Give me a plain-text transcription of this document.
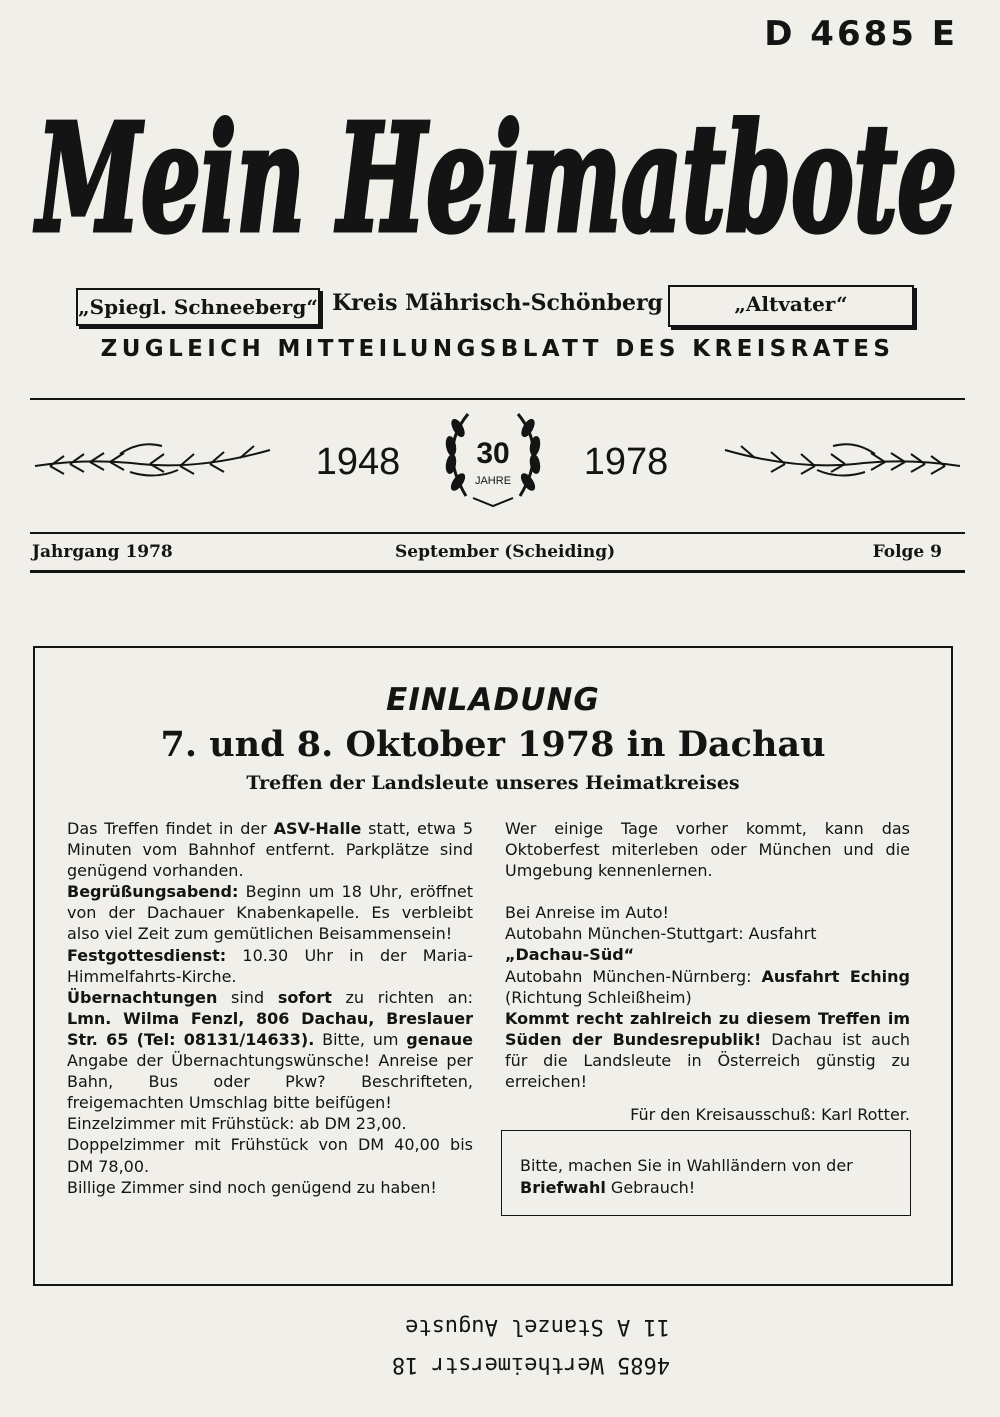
D 4685 E
Mein Heimatbote
„Spiegl. Schneeberg“ Kreis Mährisch-Schönberg	„Altvater“
ZUGLEICH MITTEILUNGSBLATT DES KREISRATES
1948	30
JAHRE 1978
Jahrgang 1978	September (Scheiding)	Folge 9
EINLADUNG
7. und 8. Oktober 1978 in Dachau
Treffen der Landsleute unseres Heimatkreises

Das Treffen findet in der ASV-Halle statt, etwa 5 Minuten vom Bahnhof entfernt. Parkplätze sind genügend vorhanden.

Begrüßungsabend: Beginn um 18 Uhr, eröffnet von der Dachauer Knabenkapelle. Es verbleibt also viel Zeit zum gemütlichen Beisammensein!

Festgottesdienst: 10.30 Uhr in der Maria-Himmelfahrts-Kirche.

Übernachtungen sind sofort zu richten an: Lmn. Wilma Fenzl, 806 Dachau, Breslauer Str. 65 (Tel: 08131/14633). Bitte, um genaue Angabe der Übernachtungswünsche! Anreise per Bahn, Bus oder Pkw? Beschrifteten, freigemachten Umschlag bitte beifügen!

Einzelzimmer mit Frühstück: ab DM 23,00.

Doppelzimmer mit Frühstück von DM 40,00 bis DM 78,00.

Billige Zimmer sind noch genügend zu haben!

Wer einige Tage vorher kommt, kann das Oktoberfest miterleben oder München und die Umgebung kennenlernen.

Bei Anreise im Auto!

Autobahn München-Stuttgart: Ausfahrt
„Dachau-Süd“

Autobahn München-Nürnberg: Ausfahrt Eching (Richtung Schleißheim)

Kommt recht zahlreich zu diesem Treffen im Süden der Bundesrepublik! Dachau ist auch für die Landsleute in Österreich günstig zu erreichen!

Für den Kreisausschuß: Karl Rotter.

Bitte, machen Sie in Wahlländern von der Briefwahl Gebrauch!
4685 Wertheimerstr 18
11 A Stanzel Auguste
